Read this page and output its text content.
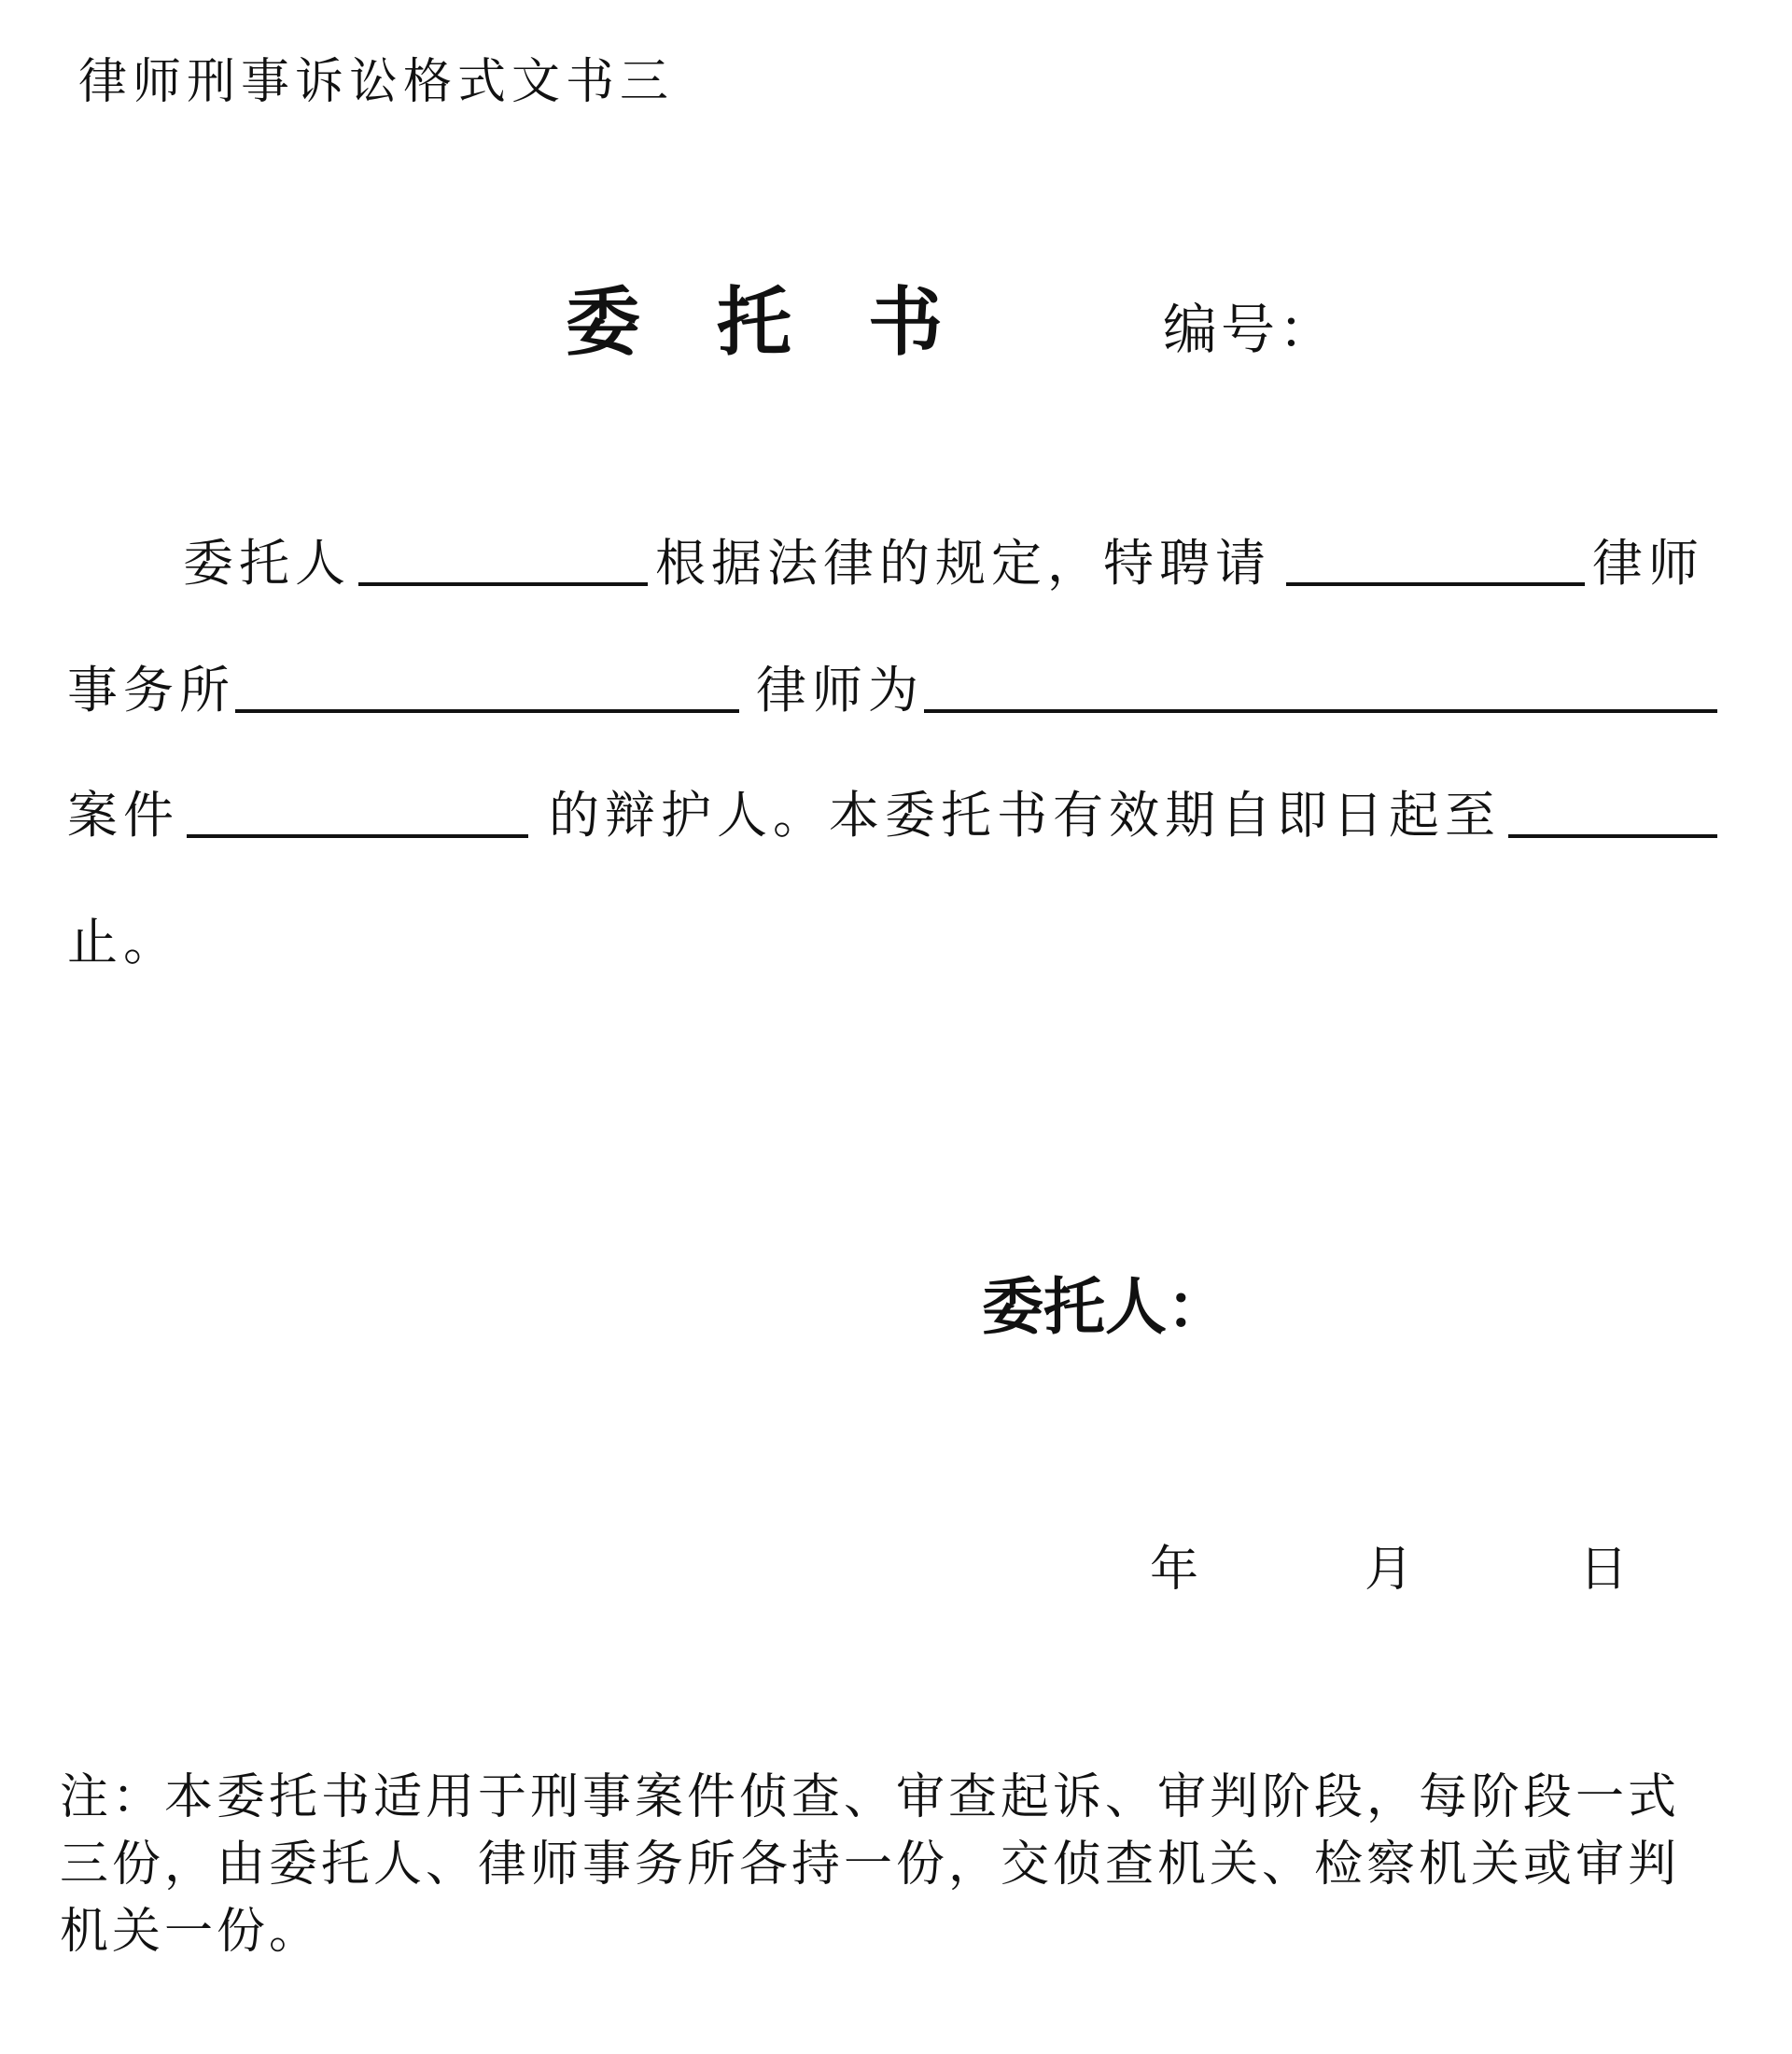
律师刑事诉讼格式文书三
委 托 书	编号：
委托人	根据法律的规定，特聘请	律师
事务所	律师为
案件	的辩护人。本委托书有效期自即日起至
止。
委托人：
年	月	日
注：本委托书适用于刑事案件侦查、审查起诉、审判阶段，每阶段一式三份，由委托人、律师事务所各持一份，交侦查机关、检察机关或审判机关一份。
